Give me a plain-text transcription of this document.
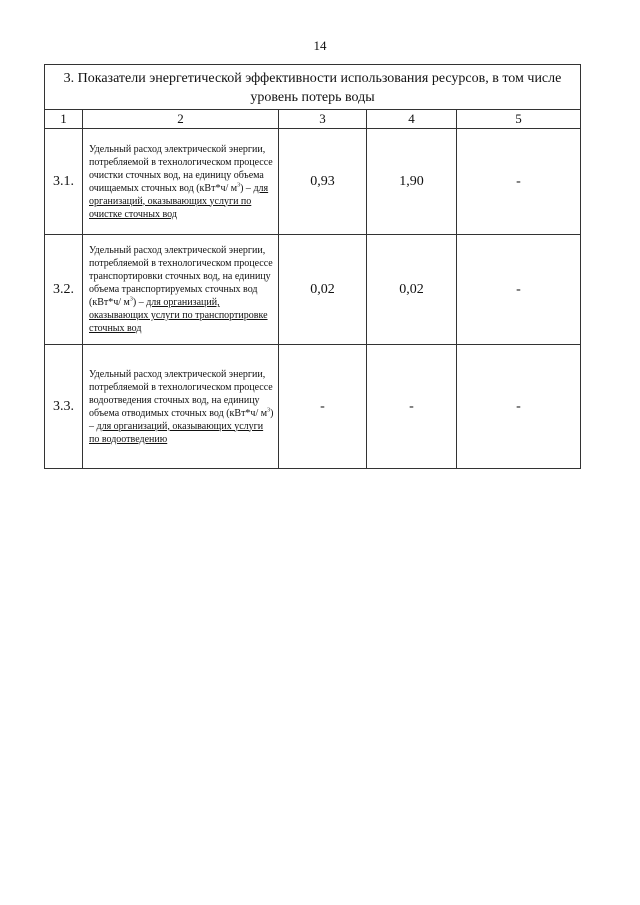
14
3. Показатели энергетической эффективности использования ресурсов, в том числе уровень потерь воды				
1	2	3	4	5
3.1.	Удельный расход электрической энергии, потребляемой в технологическом процессе очистки сточных вод, на единицу объема очищаемых сточных вод (кВт*ч/ $м^3$) – для организаций, оказывающих услуги по очистке сточных вод	0,93	1,90	-
3.2.	Удельный расход электрической энергии, потребляемой в технологическом процессе транспортировки сточных вод, на единицу объема транспортируемых сточных вод (кВт*ч/ $м^3$) – для организаций, оказывающих услуги по транспортировке сточных вод	0,02	0,02	-
3.3.	Удельный расход электрической энергии, потребляемой в технологическом процессе водоотведения сточных вод, на единицу объема отводимых сточных вод (кВт*ч/ $м^3$) – для организаций, оказывающих услуги по водоотведению	-	-	-
